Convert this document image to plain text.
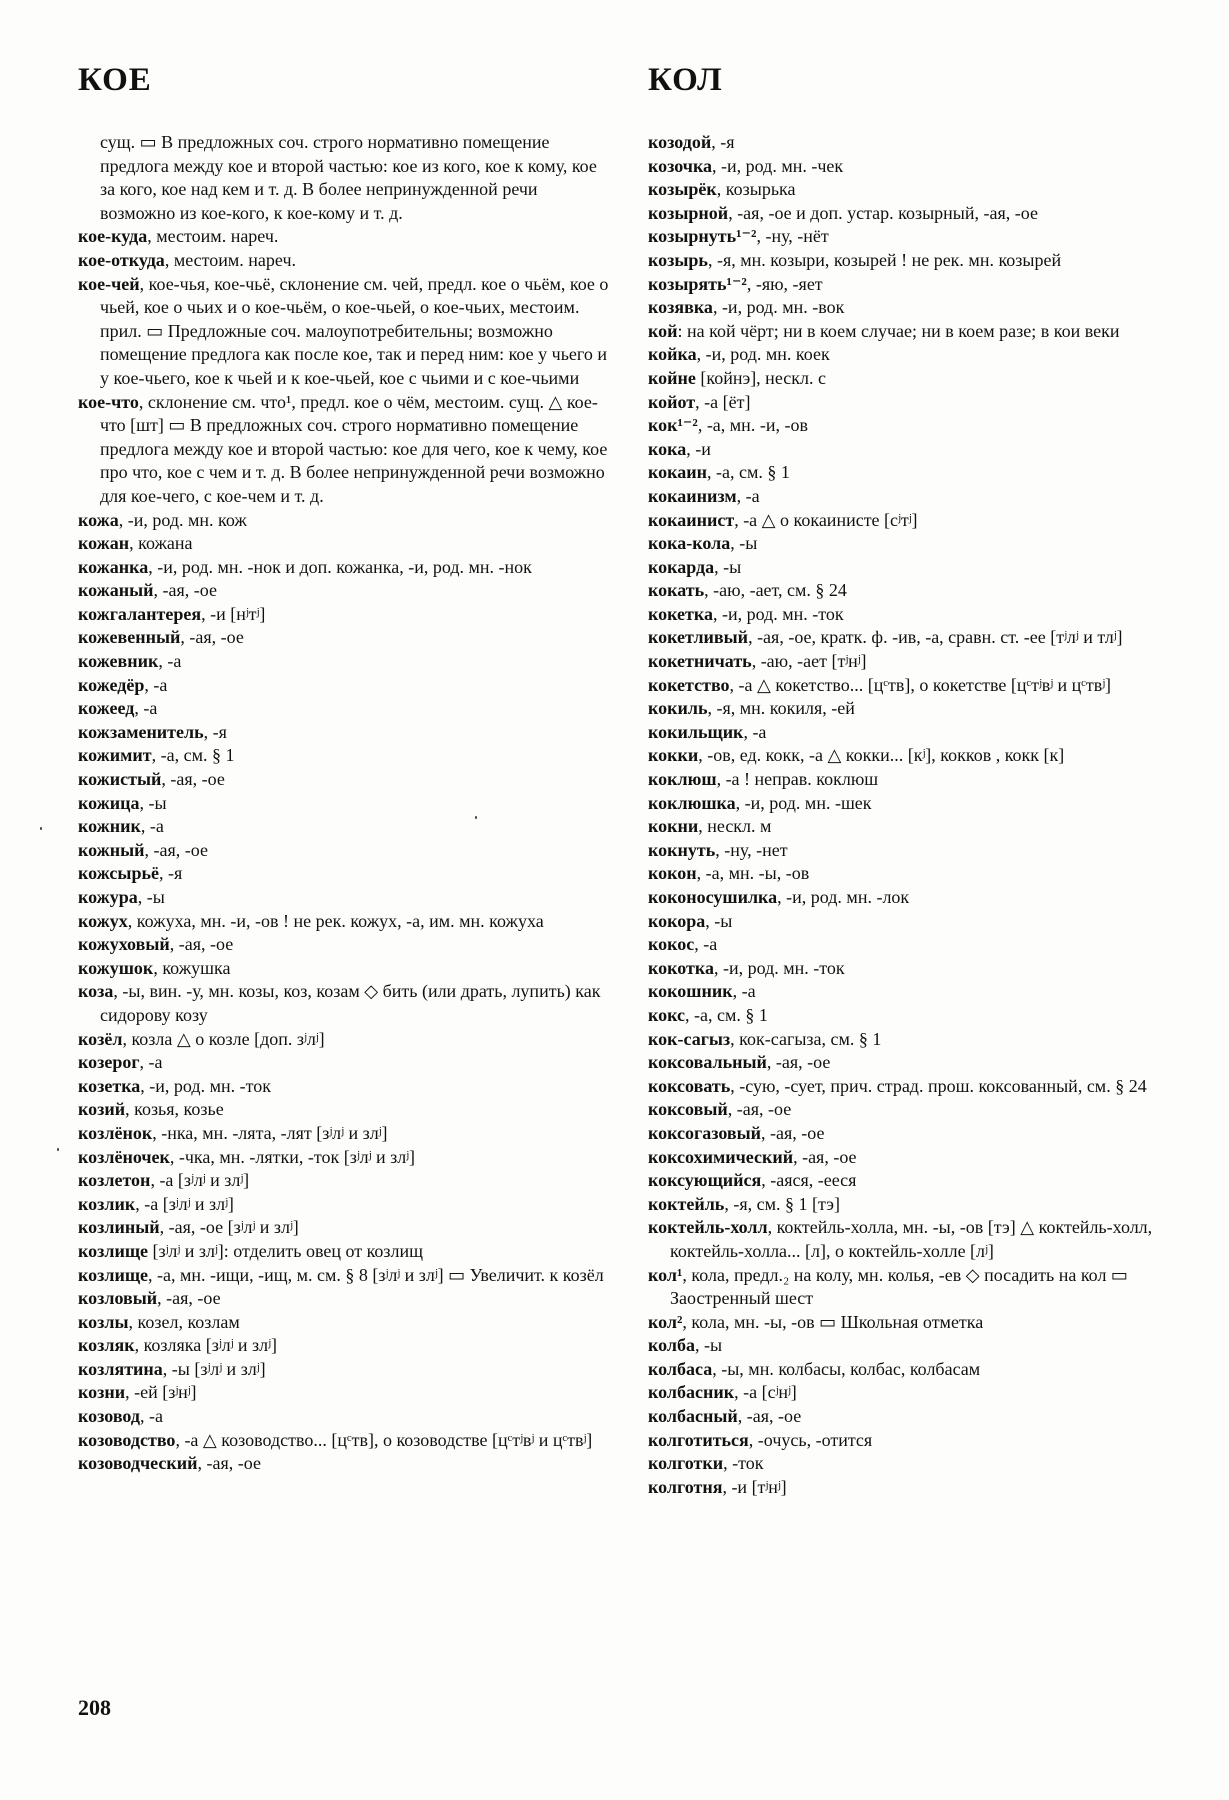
КОЕ	КОЛ

сущ. ▭ В предложных соч. строго нормативно помещение предлога между кое и второй частью: кое из кого, кое к кому, кое за кого, кое над кем и т. д. В более непринужденной речи возможно из кое-кого, к кое-кому и т. д.

кое-куда, местоим. нареч.

кое-откуда, местоим. нареч.

кое-чей, кое-чья, кое-чьё, склонение см. чей, предл. кое о чьём, кое о чьей, кое о чьих и о кое-чьём, о кое-чьей, о кое-чьих, местоим. прил. ▭ Предложные соч. малоупотребительны; возможно помещение предлога как после кое, так и перед ним: кое у чьего и у кое-чьего, кое к чьей и к кое-чьей, кое с чьими и с кое-чьими

кое-что, склонение см. что¹, предл. кое о чём, местоим. сущ. △ кое-что [шт] ▭ В предложных соч. строго нормативно помещение предлога между кое и второй частью: кое для чего, кое к чему, кое про что, кое с чем и т. д. В более непринужденной речи возможно для кое-чего, с кое-чем и т. д.

кожа, -и, род. мн. кож

кожан, кожана

кожанка, -и, род. мн. -нок и доп. кожанка, -и, род. мн. -нок

кожаный, -ая, -ое

кожгалантерея, -и [нʲтʲ]

кожевенный, -ая, -ое

кожевник, -а

кожедёр, -а

кожеед, -а

кожзаменитель, -я

кожимит, -а, см. § 1

кожистый, -ая, -ое

кожица, -ы

кожник, -а

кожный, -ая, -ое

кожсырьё, -я

кожура, -ы

кожух, кожуха, мн. -и, -ов ! не рек. кожух, -а, им. мн. кожуха

кожуховый, -ая, -ое

кожушок, кожушка

коза, -ы, вин. -у, мн. козы, коз, козам ◇ бить (или драть, лупить) как сидорову козу

козёл, козла △ о козле [доп. зʲлʲ]

козерог, -а

козетка, -и, род. мн. -ток

козий, козья, козье

козлёнок, -нка, мн. -лята, -лят [зʲлʲ и злʲ]

козлёночек, -чка, мн. -лятки, -ток [зʲлʲ и злʲ]

козлетон, -а [зʲлʲ и злʲ]

козлик, -а [зʲлʲ и злʲ]

козлиный, -ая, -ое [зʲлʲ и злʲ]

козлище [зʲлʲ и злʲ]: отделить овец от козлищ

козлище, -а, мн. -ищи, -ищ, м. см. § 8 [зʲлʲ и злʲ] ▭ Увеличит. к козёл

козловый, -ая, -ое

козлы, козел, козлам

козляк, козляка [зʲлʲ и злʲ]

козлятина, -ы [зʲлʲ и злʲ]

козни, -ей [зʲнʲ]

козовод, -а

козоводство, -а △ козоводство... [цᶜтв], о козоводстве [цᶜтʲвʲ и цᶜтвʲ]

козоводческий, -ая, -ое

козодой, -я

козочка, -и, род. мн. -чек

козырёк, козырька

козырной, -ая, -ое и доп. устар. козырный, -ая, -ое

козырнуть¹⁻², -ну, -нёт

козырь, -я, мн. козыри, козырей ! не рек. мн. козырей

козырять¹⁻², -яю, -яет

козявка, -и, род. мн. -вок

кой: на кой чёрт; ни в коем случае; ни в коем разе; в кои веки

койка, -и, род. мн. коек

койне [койнэ], нескл. с

койот, -а [ёт]

кок¹⁻², -а, мн. -и, -ов

кока, -и

кокаин, -а, см. § 1

кокаинизм, -а

кокаинист, -а △ о кокаинисте [сʲтʲ]

кока-кола, -ы

кокарда, -ы

кокать, -аю, -ает, см. § 24

кокетка, -и, род. мн. -ток

кокетливый, -ая, -ое, кратк. ф. -ив, -а, сравн. ст. -ее [тʲлʲ и тлʲ]

кокетничать, -аю, -ает [тʲнʲ]

кокетство, -а △ кокетство... [цᶜтв], о кокетстве [цᶜтʲвʲ и цᶜтвʲ]

кокиль, -я, мн. кокиля, -ей

кокильщик, -а

кокки, -ов, ед. кокк, -а △ кокки... [кʲ], кокков , кокк [к]

коклюш, -а ! неправ. коклюш

коклюшка, -и, род. мн. -шек

кокни, нескл. м

кокнуть, -ну, -нет

кокон, -а, мн. -ы, -ов

коконосушилка, -и, род. мн. -лок

кокора, -ы

кокос, -а

кокотка, -и, род. мн. -ток

кокошник, -а

кокс, -а, см. § 1

кок-сагыз, кок-сагыза, см. § 1

коксовальный, -ая, -ое

коксовать, -сую, -сует, прич. страд. прош. коксованный, см. § 24

коксовый, -ая, -ое

коксогазовый, -ая, -ое

коксохимический, -ая, -ое

коксующийся, -аяся, -ееся

коктейль, -я, см. § 1 [тэ]

коктейль-холл, коктейль-холла, мн. -ы, -ов [тэ] △ коктейль-холл, коктейль-холла... [л], о коктейль-холле [лʲ]

кол¹, кола, предл.₂ на колу, мн. колья, -ев ◇ посадить на кол ▭ Заостренный шест

кол², кола, мн. -ы, -ов ▭ Школьная отметка

колба, -ы

колбаса, -ы, мн. колбасы, колбас, колбасам

колбасник, -а [сʲнʲ]

колбасный, -ая, -ое

колготиться, -очусь, -отится

колготки, -ток

колготня, -и [тʲнʲ]

208
